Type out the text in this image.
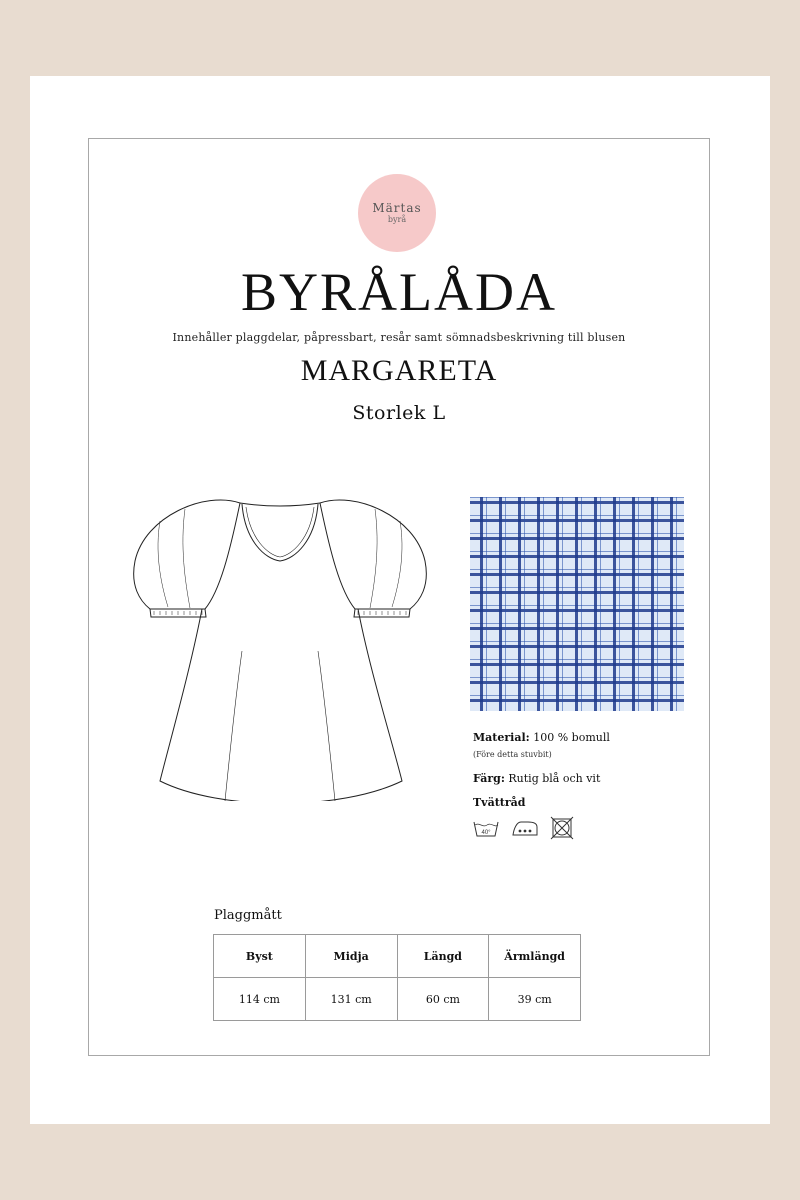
Märtas
byrå
BYRÅLÅDA
Innehåller plaggdelar, påpressbart, resår samt sömnadsbeskrivning till blusen
MARGARETA
Storlek L
Material: 100 % bomull
(Före detta stuvbit)
Färg: Rutig blå och vit
Tvättråd
40°
Plaggmått
Byst	Midja	Längd	Ärmlängd
114 cm	131 cm	60 cm	39 cm
